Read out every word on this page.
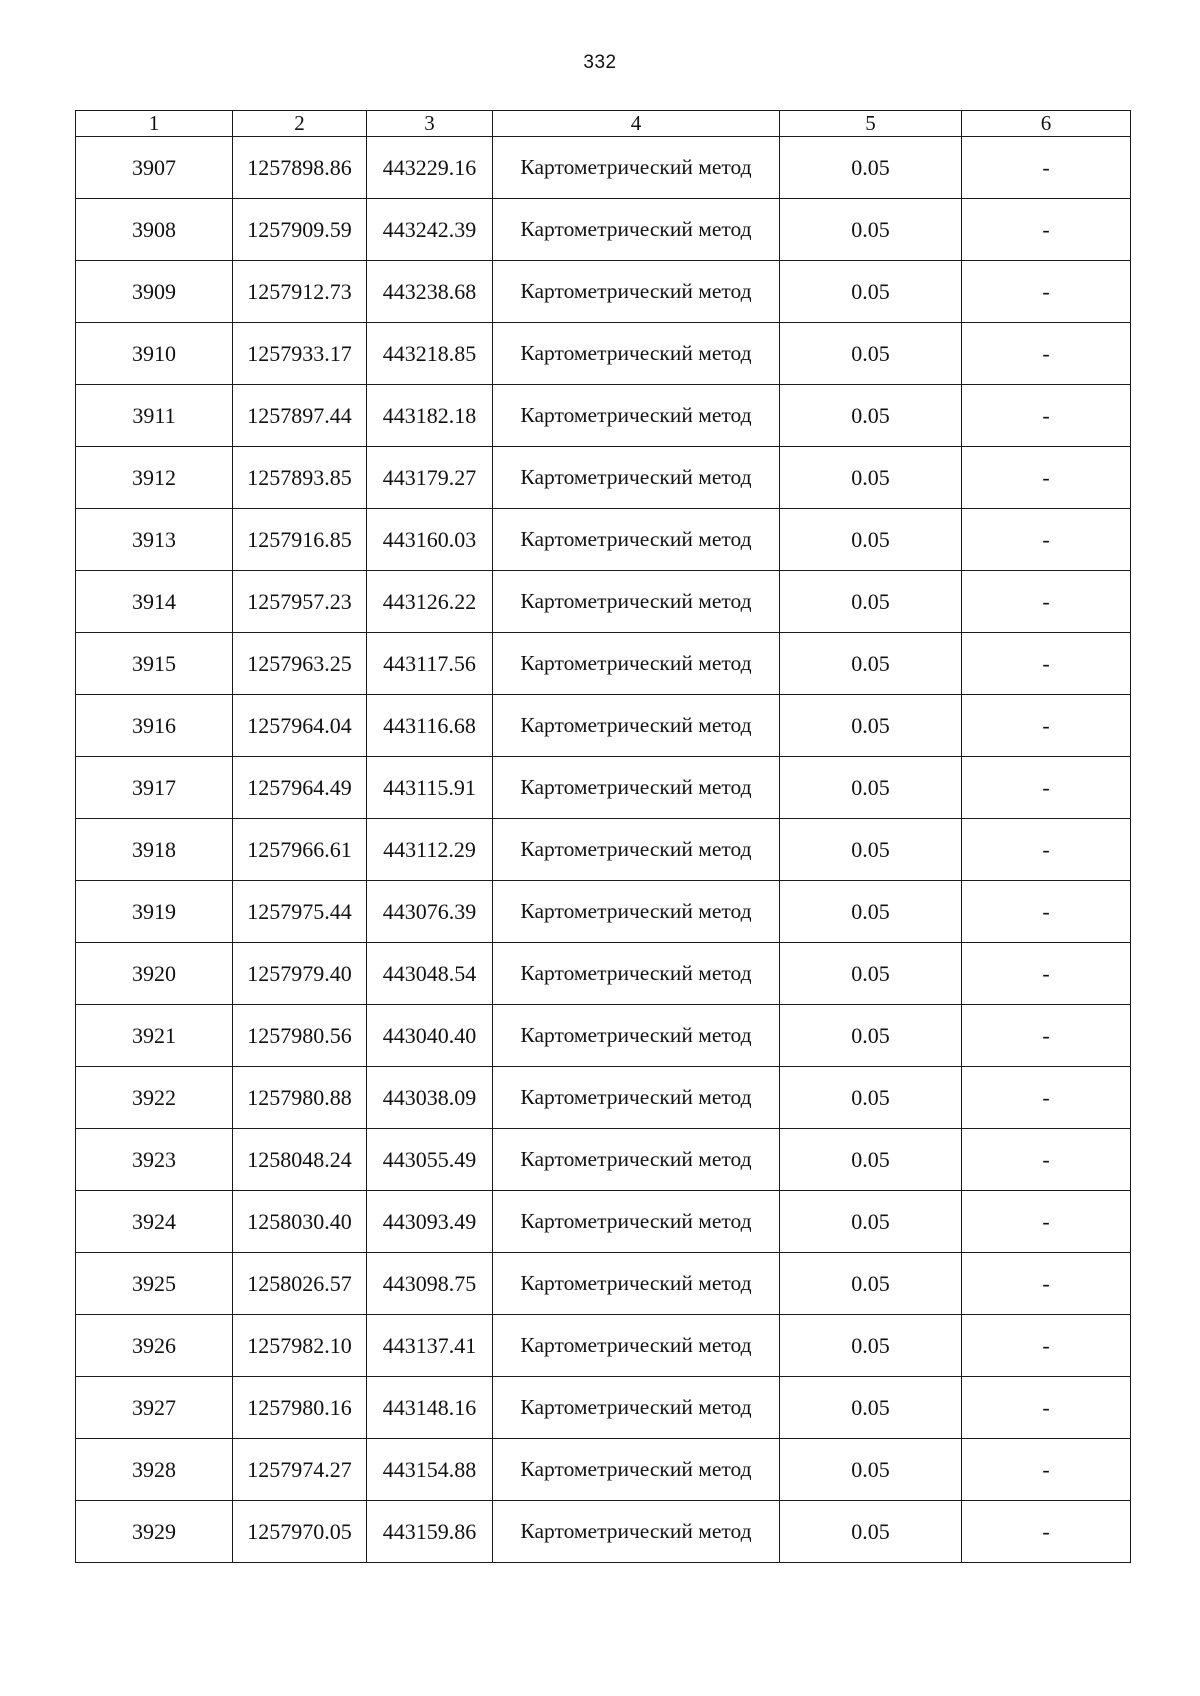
332
1	2	3	4	5	6
3907	1257898.86	443229.16	Картометрический метод	0.05	-
3908	1257909.59	443242.39	Картометрический метод	0.05	-
3909	1257912.73	443238.68	Картометрический метод	0.05	-
3910	1257933.17	443218.85	Картометрический метод	0.05	-
3911	1257897.44	443182.18	Картометрический метод	0.05	-
3912	1257893.85	443179.27	Картометрический метод	0.05	-
3913	1257916.85	443160.03	Картометрический метод	0.05	-
3914	1257957.23	443126.22	Картометрический метод	0.05	-
3915	1257963.25	443117.56	Картометрический метод	0.05	-
3916	1257964.04	443116.68	Картометрический метод	0.05	-
3917	1257964.49	443115.91	Картометрический метод	0.05	-
3918	1257966.61	443112.29	Картометрический метод	0.05	-
3919	1257975.44	443076.39	Картометрический метод	0.05	-
3920	1257979.40	443048.54	Картометрический метод	0.05	-
3921	1257980.56	443040.40	Картометрический метод	0.05	-
3922	1257980.88	443038.09	Картометрический метод	0.05	-
3923	1258048.24	443055.49	Картометрический метод	0.05	-
3924	1258030.40	443093.49	Картометрический метод	0.05	-
3925	1258026.57	443098.75	Картометрический метод	0.05	-
3926	1257982.10	443137.41	Картометрический метод	0.05	-
3927	1257980.16	443148.16	Картометрический метод	0.05	-
3928	1257974.27	443154.88	Картометрический метод	0.05	-
3929	1257970.05	443159.86	Картометрический метод	0.05	-
